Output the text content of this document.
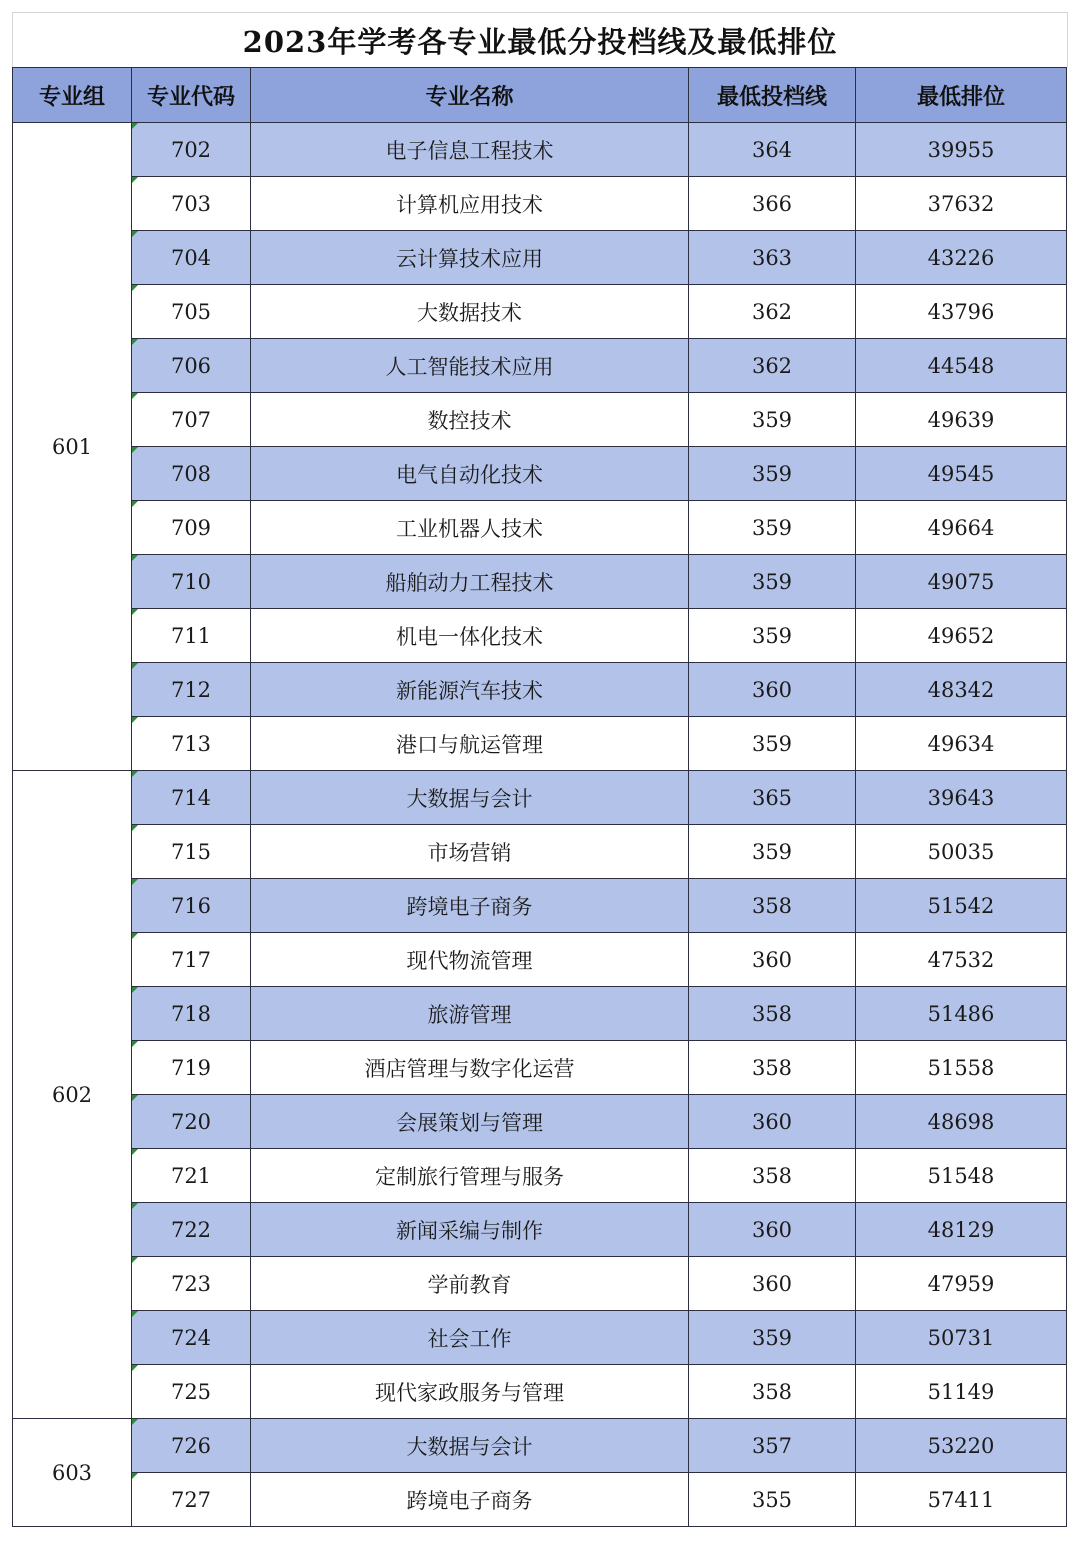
2023年学考各专业最低分投档线及最低排位
专业组	专业代码	专业名称	最低投档线	最低排位
601	702	电子信息工程技术	364	39955
	703	计算机应用技术	366	37632
	704	云计算技术应用	363	43226
	705	大数据技术	362	43796
	706	人工智能技术应用	362	44548
	707	数控技术	359	49639
	708	电气自动化技术	359	49545
	709	工业机器人技术	359	49664
	710	船舶动力工程技术	359	49075
	711	机电一体化技术	359	49652
	712	新能源汽车技术	360	48342
	713	港口与航运管理	359	49634
602	714	大数据与会计	365	39643
	715	市场营销	359	50035
	716	跨境电子商务	358	51542
	717	现代物流管理	360	47532
	718	旅游管理	358	51486
	719	酒店管理与数字化运营	358	51558
	720	会展策划与管理	360	48698
	721	定制旅行管理与服务	358	51548
	722	新闻采编与制作	360	48129
	723	学前教育	360	47959
	724	社会工作	359	50731
	725	现代家政服务与管理	358	51149
603	726	大数据与会计	357	53220
	727	跨境电子商务	355	57411
